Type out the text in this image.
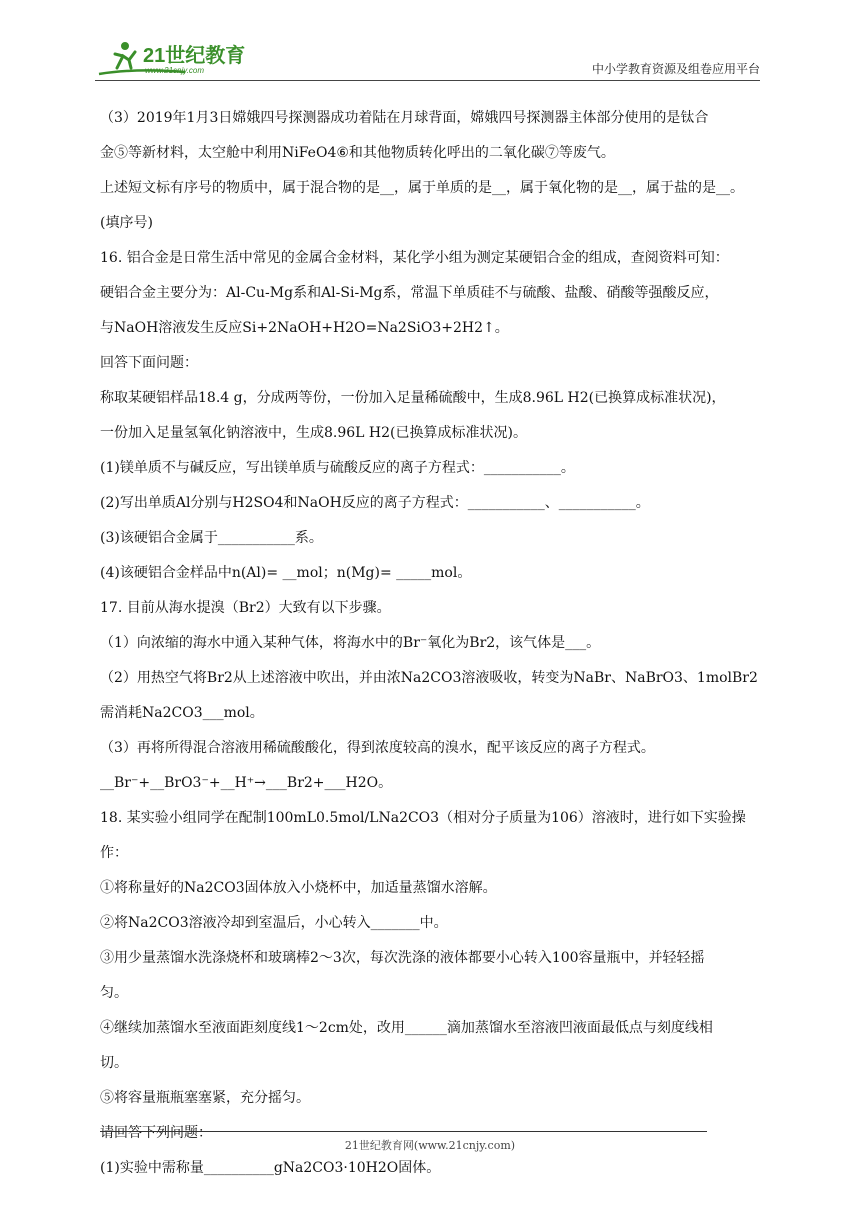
21世纪教育
www.21cnjy.com	中小学教育资源及组卷应用平台
（3）2019年1月3日嫦娥四号探测器成功着陆在月球背面，嫦娥四号探测器主体部分使用的是钛合
金⑤等新材料，太空舱中利用NiFeO4⑥和其他物质转化呼出的二氧化碳⑦等废气。
上述短文标有序号的物质中，属于混合物的是__，属于单质的是__，属于氧化物的是__，属于盐的是__。
(填序号)
16. 铝合金是日常生活中常见的金属合金材料，某化学小组为测定某硬铝合金的组成，查阅资料可知：
硬铝合金主要分为：Al-Cu-Mg系和Al-Si-Mg系，常温下单质硅不与硫酸、盐酸、硝酸等强酸反应，
与NaOH溶液发生反应Si+2NaOH+H2O=Na2SiO3+2H2↑。
回答下面问题：
称取某硬铝样品18.4 g，分成两等份，一份加入足量稀硫酸中，生成8.96L H2(已换算成标准状况)，
一份加入足量氢氧化钠溶液中，生成8.96L H2(已换算成标准状况)。
(1)镁单质不与碱反应，写出镁单质与硫酸反应的离子方程式：___________。
(2)写出单质Al分别与H2SO4和NaOH反应的离子方程式：___________、___________。
(3)该硬铝合金属于___________系。
(4)该硬铝合金样品中n(Al)= __mol；n(Mg)= _____mol。
17. 目前从海水提溴（Br2）大致有以下步骤。
（1）向浓缩的海水中通入某种气体，将海水中的Br⁻氧化为Br2，该气体是___。
（2）用热空气将Br2从上述溶液中吹出，并由浓Na2CO3溶液吸收，转变为NaBr、NaBrO3、1molBr2
需消耗Na2CO3___mol。
（3）再将所得混合溶液用稀硫酸酸化，得到浓度较高的溴水，配平该反应的离子方程式。
__Br⁻+__BrO3⁻+__H⁺→___Br2+___H2O。
18. 某实验小组同学在配制100mL0.5mol/LNa2CO3（相对分子质量为106）溶液时，进行如下实验操
作：
①将称量好的Na2CO3固体放入小烧杯中，加适量蒸馏水溶解。
②将Na2CO3溶液冷却到室温后，小心转入_______中。
③用少量蒸馏水洗涤烧杯和玻璃棒2～3次，每次洗涤的液体都要小心转入100容量瓶中，并轻轻摇
匀。
④继续加蒸馏水至液面距刻度线1～2cm处，改用______滴加蒸馏水至溶液凹液面最低点与刻度线相
切。
⑤将容量瓶瓶塞塞紧，充分摇匀。
请回答下列问题：
(1)实验中需称量__________gNa2CO3·10H2O固体。
21世纪教育网(www.21cnjy.com)
